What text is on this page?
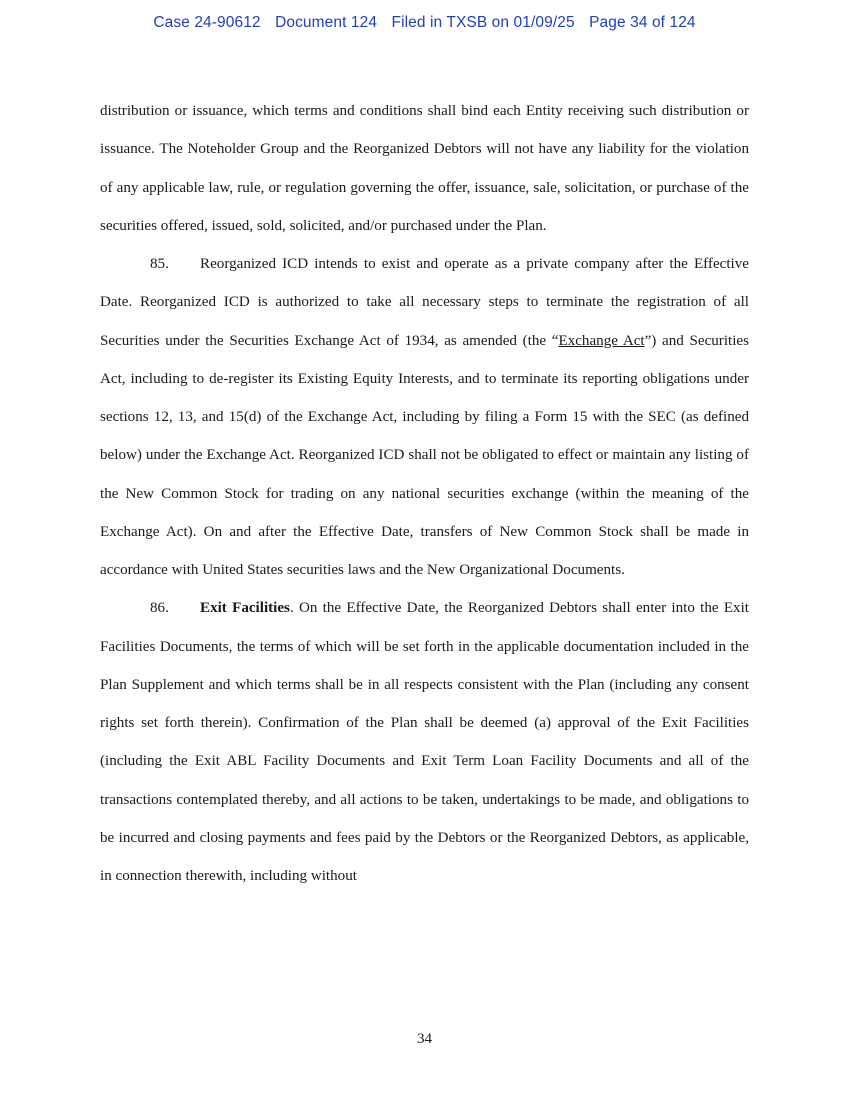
Case 24-90612 Document 124 Filed in TXSB on 01/09/25 Page 34 of 124

distribution or issuance, which terms and conditions shall bind each Entity receiving such distribution or issuance. The Noteholder Group and the Reorganized Debtors will not have any liability for the violation of any applicable law, rule, or regulation governing the offer, issuance, sale, solicitation, or purchase of the securities offered, issued, sold, solicited, and/or purchased under the Plan.

85. Reorganized ICD intends to exist and operate as a private company after the Effective Date. Reorganized ICD is authorized to take all necessary steps to terminate the registration of all Securities under the Securities Exchange Act of 1934, as amended (the “Exchange Act”) and Securities Act, including to de-register its Existing Equity Interests, and to terminate its reporting obligations under sections 12, 13, and 15(d) of the Exchange Act, including by filing a Form 15 with the SEC (as defined below) under the Exchange Act. Reorganized ICD shall not be obligated to effect or maintain any listing of the New Common Stock for trading on any national securities exchange (within the meaning of the Exchange Act). On and after the Effective Date, transfers of New Common Stock shall be made in accordance with United States securities laws and the New Organizational Documents.

86. Exit Facilities. On the Effective Date, the Reorganized Debtors shall enter into the Exit Facilities Documents, the terms of which will be set forth in the applicable documentation included in the Plan Supplement and which terms shall be in all respects consistent with the Plan (including any consent rights set forth therein). Confirmation of the Plan shall be deemed (a) approval of the Exit Facilities (including the Exit ABL Facility Documents and Exit Term Loan Facility Documents and all of the transactions contemplated thereby, and all actions to be taken, undertakings to be made, and obligations to be incurred and closing payments and fees paid by the Debtors or the Reorganized Debtors, as applicable, in connection therewith, including without

34
